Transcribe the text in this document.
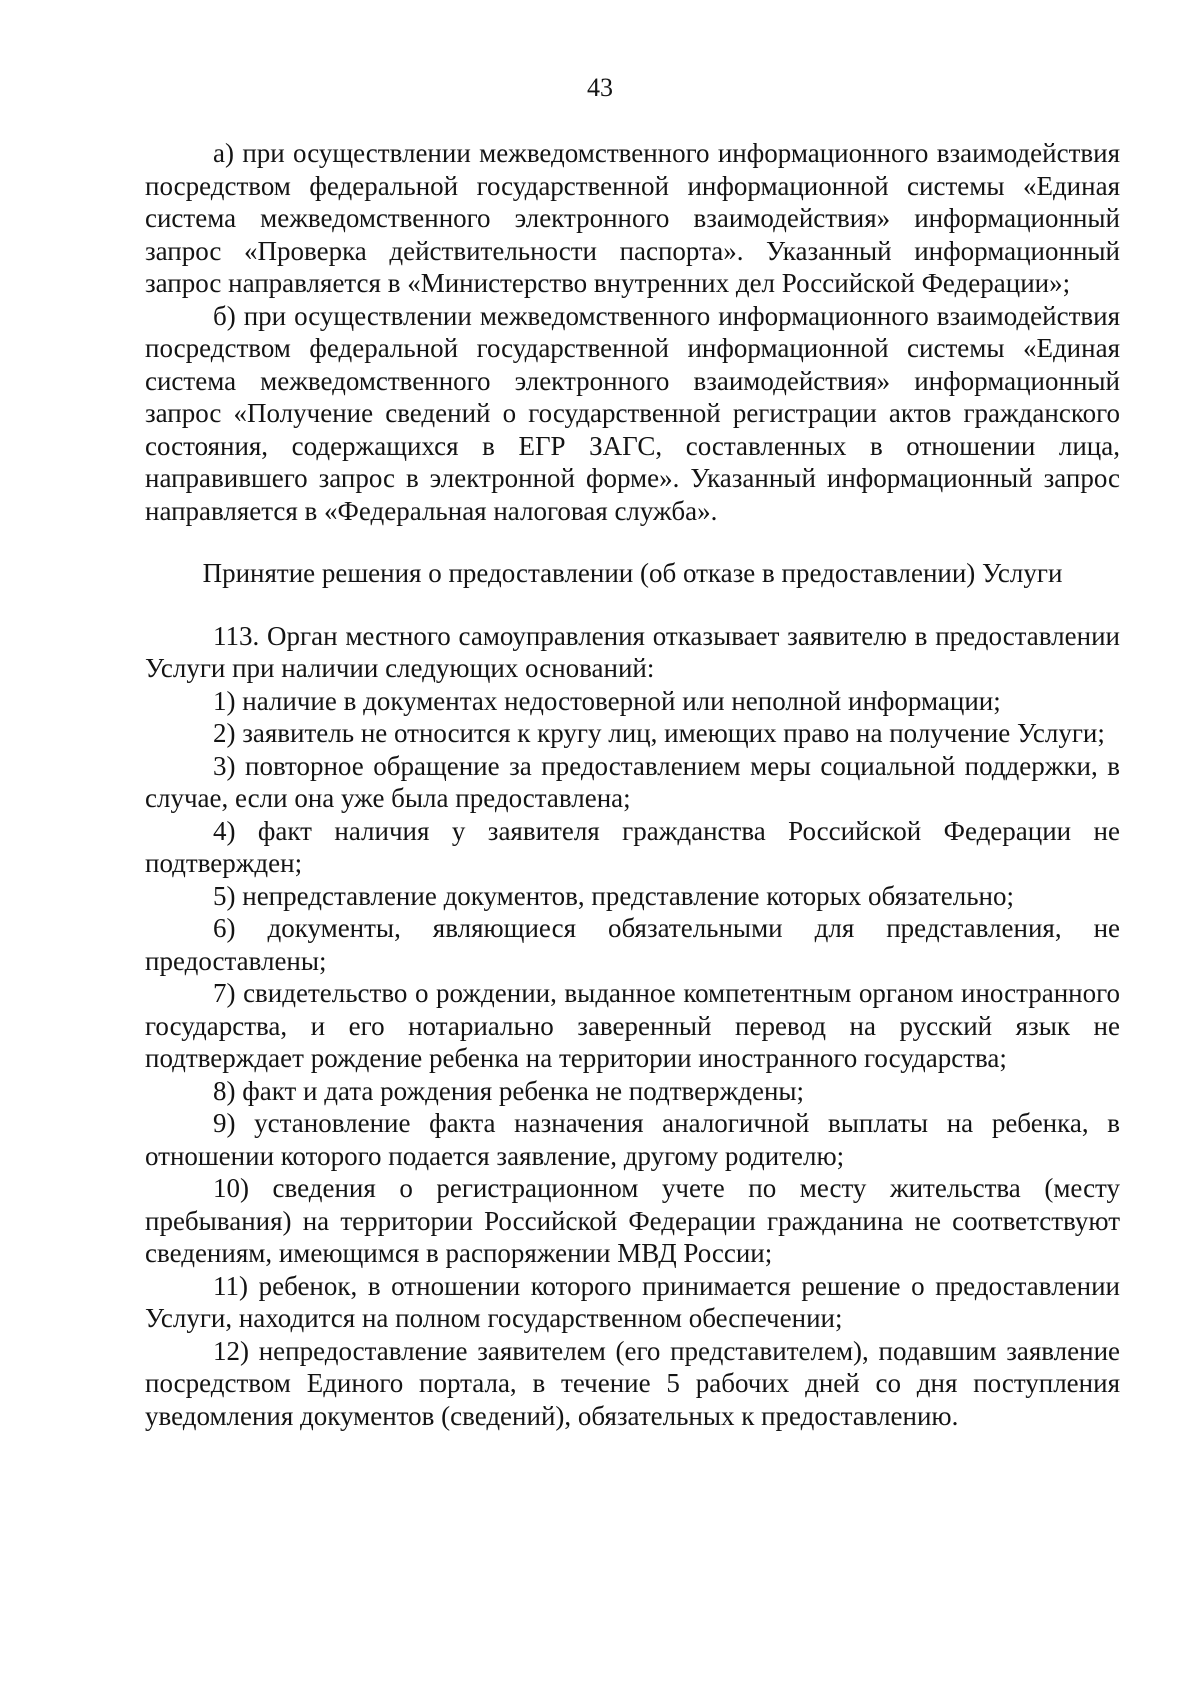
43

а) при осуществлении межведомственного информационного взаимодействия посредством федеральной государственной информационной системы «Единая система межведомственного электронного взаимодействия» информационный запрос «Проверка действительности паспорта». Указанный информационный запрос направляется в «Министерство внутренних дел Российской Федерации»;

б) при осуществлении межведомственного информационного взаимодействия посредством федеральной государственной информационной системы «Единая система межведомственного электронного взаимодействия» информационный запрос «Получение сведений о государственной регистрации актов гражданского состояния, содержащихся в ЕГР ЗАГС, составленных в отношении лица, направившего запрос в электронной форме». Указанный информационный запрос направляется в «Федеральная налоговая служба».

Принятие решения о предоставлении (об отказе в предоставлении) Услуги

113. Орган местного самоуправления отказывает заявителю в предоставлении Услуги при наличии следующих оснований:

1) наличие в документах недостоверной или неполной информации;

2) заявитель не относится к кругу лиц, имеющих право на получение Услуги;

3) повторное обращение за предоставлением меры социальной поддержки, в случае, если она уже была предоставлена;

4) факт наличия у заявителя гражданства Российской Федерации не подтвержден;

5) непредставление документов, представление которых обязательно;

6) документы, являющиеся обязательными для представления, не предоставлены;

7) свидетельство о рождении, выданное компетентным органом иностранного государства, и его нотариально заверенный перевод на русский язык не подтверждает рождение ребенка на территории иностранного государства;

8) факт и дата рождения ребенка не подтверждены;

9) установление факта назначения аналогичной выплаты на ребенка, в отношении которого подается заявление, другому родителю;

10) сведения о регистрационном учете по месту жительства (месту пребывания) на территории Российской Федерации гражданина не соответствуют сведениям, имеющимся в распоряжении МВД России;

11) ребенок, в отношении которого принимается решение о предоставлении Услуги, находится на полном государственном обеспечении;

12) непредоставление заявителем (его представителем), подавшим заявление посредством Единого портала, в течение 5 рабочих дней со дня поступления уведомления документов (сведений), обязательных к предоставлению.
